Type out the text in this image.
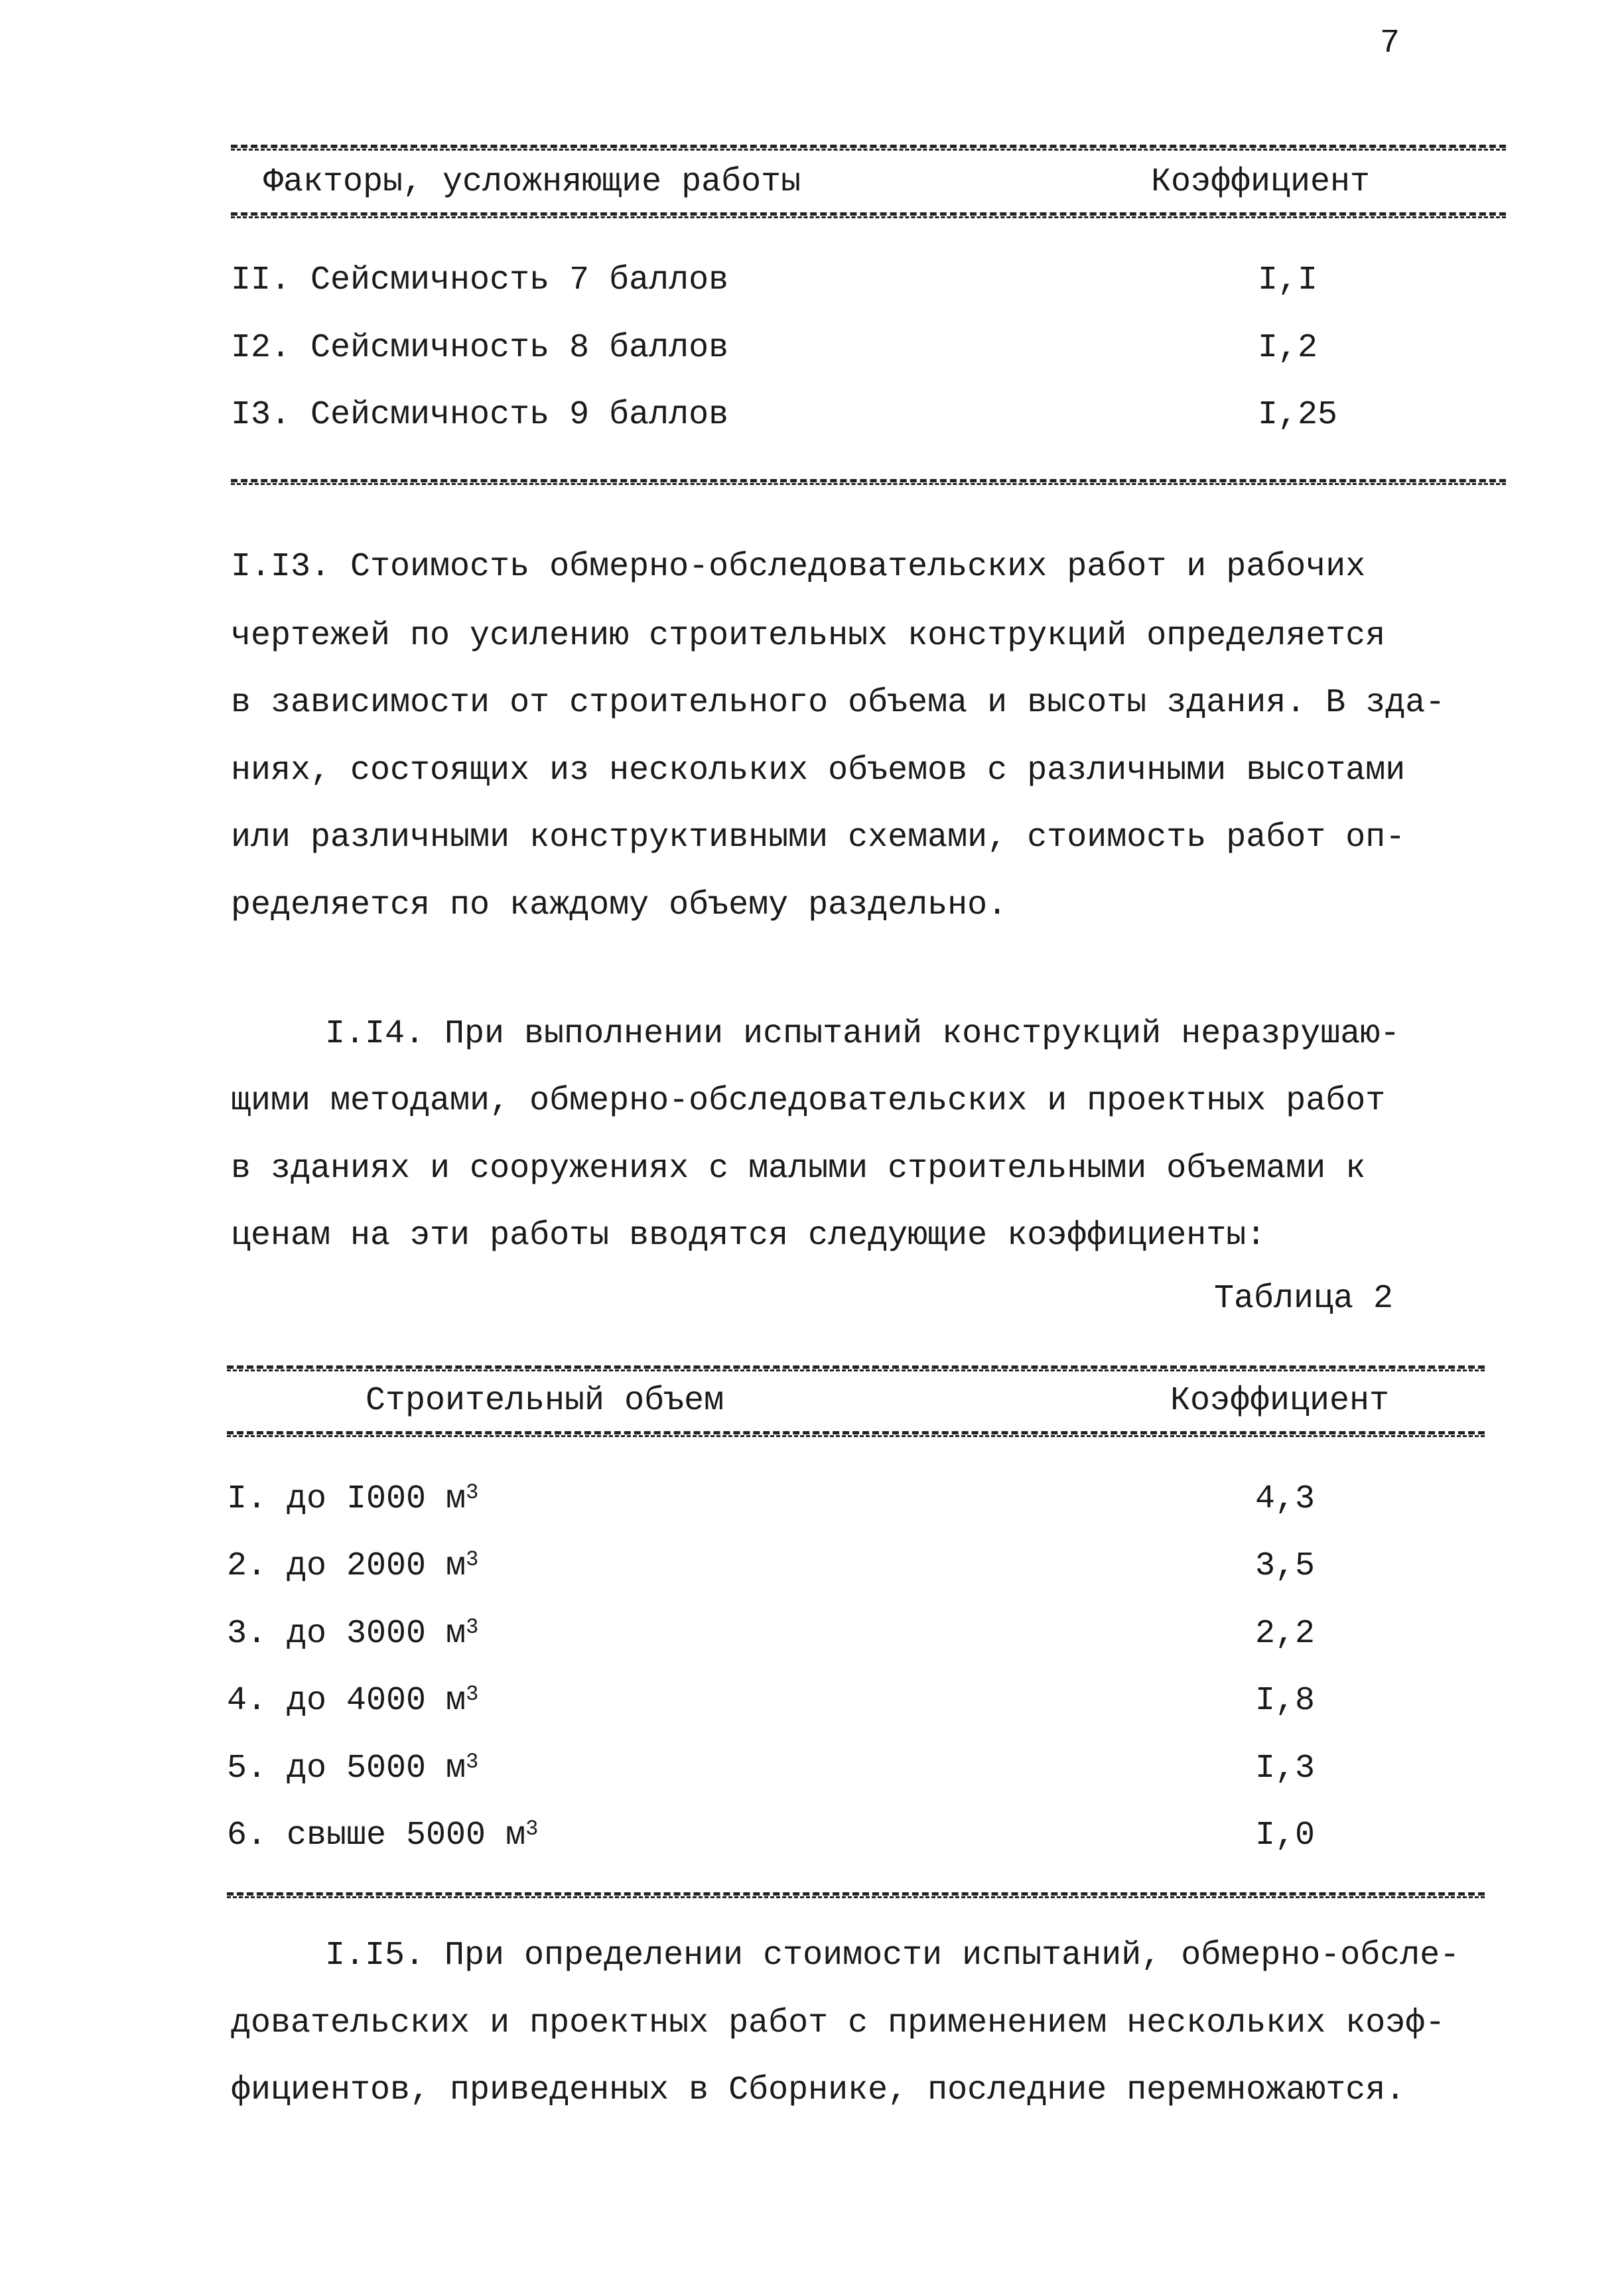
7
Факторы, усложняющие работы	Коэффициент
II. Сейсмичность 7 баллов	I,I
I2. Сейсмичность 8 баллов	I,2
I3. Сейсмичность 9 баллов	I,25
I.I3. Стоимость обмерно-обследовательских работ и рабочих
чертежей по усилению строительных конструкций определяется
в зависимости от строительного объема и высоты здания. В зда-
ниях, состоящих из нескольких объемов с различными высотами
или различными конструктивными схемами, стоимость работ оп-
ределяется по каждому объему раздельно.
I.I4. При выполнении испытаний конструкций неразрушаю-
щими методами, обмерно-обследовательских и проектных работ
в зданиях и сооружениях с малыми строительными объемами к
ценам на эти работы вводятся следующие коэффициенты:
Таблица 2
Строительный объем	Коэффициент
I. до I000 $м^3$	4,3
2. до 2000 $м^3$	3,5
3. до 3000 $м^3$	2,2
4. до 4000 $м^3$	I,8
5. до 5000 $м^3$	I,3
6. свыше 5000 $м^3$	I,0
I.I5. При определении стоимости испытаний, обмерно-обсле-
довательских и проектных работ с применением нескольких коэф-
фициентов, приведенных в Сборнике, последние перемножаются.
